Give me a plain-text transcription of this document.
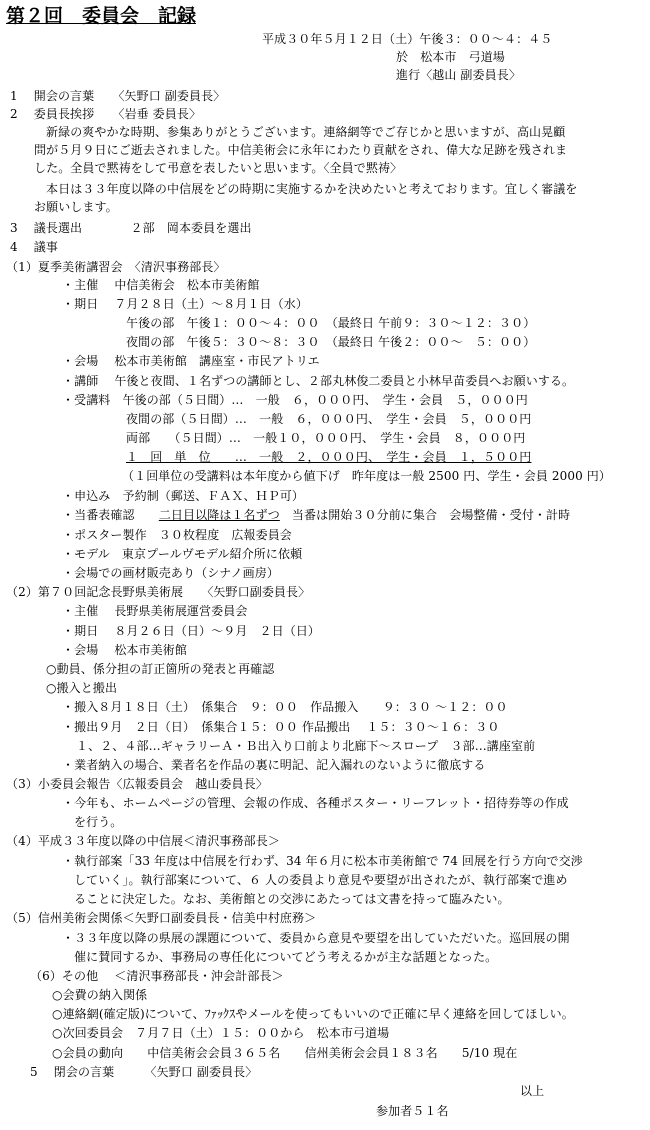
第２回　委員会　記録
平成３０年５月１２日（土）午後３：００〜４：４５
於　松本市　弓道場
進行〈越山 副委員長〉
1　 開会の言葉　　〈矢野口 副委員長〉
2　 委員長挨拶　　〈岩垂 委員長〉
新緑の爽やかな時期、参集ありがとうございます。連絡網等でご存じかと思いますが、高山晃顧
問が５月９日にご逝去されました。中信美術会に永年にわたり貢献をされ、偉大な足跡を残されま
した。全員で黙祷をして弔意を表したいと思います。〈全員で黙祷〉
本日は３３年度以降の中信展をどの時期に実施するかを決めたいと考えております。宜しく審議を
お願いします。
3　 議長選出　　　　２部　岡本委員を選出
4　 議事
（1）夏季美術講習会　〈清沢事務部長〉
・主催　 中信美術会　松本市美術館
・期日　 ７月２８日（土）〜８月１日（水）
午後の部　午後１：００〜４：００　（最終日 午前９：３０〜１２：３０）
夜間の部　午後５：３０〜８：３０　（最終日 午後２：００〜　５：００）
・会場　 松本市美術館　講座室・市民アトリエ
・講師　 午後と夜間、１名ずつの講師とし、２部丸林俊二委員と小林早苗委員へお願いする。
・受講料　午後の部（５日間）…　一般　６，０００円、　学生・会員　５，０００円
夜間の部（５日間）…　一般　６，０００円、　学生・会員　５，０００円
両部　　（５日間）…　一般１０，０００円、　学生・会員　８，０００円
１　回　単　位　　…　一般　２，０００円、　学生・会員　１，５００円
（１回単位の受講料は本年度から値下げ　昨年度は一般 2500 円、学生・会員 2000 円）
・申込み　予約制（郵送、ＦＡＸ、ＨＰ可）
・当番表確認　　二日目以降は１名ずつ　当番は開始３０分前に集合　会場整備・受付・計時
・ポスター製作　３０枚程度　広報委員会
・モデル　東京プールヴモデル紹介所に依頼
・会場での画材販売あり（シナノ画房）
（2）第７０回記念長野県美術展　　〈矢野口副委員長〉
・主催　 長野県美術展運営委員会
・期日　 ８月２６日（日）〜９月　２日（日）
・会場　 松本市美術館
○動員、係分担の訂正箇所の発表と再確認
○搬入と搬出
・搬入８月１８日（土）　係集合　９：００　作品搬入　　９：３０ 〜１２：００
・搬出９月　２日（日）　係集合１５：００ 作品搬出　 １５：３０〜１６：３０
１、２、４部…ギャラリーＡ・Ｂ出入り口前より北廊下〜スロープ　３部…講座室前
・業者納入の場合、業者名を作品の裏に明記、記入漏れのないように徹底する
（3）小委員会報告〈広報委員会　越山委員長〉
・今年も、ホームページの管理、会報の作成、各種ポスター・リーフレット・招待券等の作成
を行う。
（4）平成３３年度以降の中信展＜清沢事務部長＞
・執行部案「33 年度は中信展を行わず、34 年６月に松本市美術館で 74 回展を行う方向で交渉
していく」。執行部案について、６ 人の委員より意見や要望が出されたが、執行部案で進め
ることに決定した。なお、美術館との交渉にあたっては文書を持って臨みたい。
（5）信州美術会関係＜矢野口副委員長・信美中村庶務＞
・３３年度以降の県展の課題について、委員から意見や要望を出していただいた。巡回展の開
催に賛同するか、事務局の専任化についてどう考えるかが主な話題となった。
（6）その他　 ＜清沢事務部長・沖会計部長＞
○会費の納入関係
○連絡網(確定版)について、ﾌｧｯｸｽやメールを使ってもいいので正確に早く連絡を回してほしい。
○次回委員会　７月７日（土）１５：００から　松本市弓道場
○会員の動向　　中信美術会会員３６５名　　信州美術会会員１８３名　　5/10 現在
5　 閉会の言葉　　　〈矢野口 副委員長〉
以上
参加者５１名
